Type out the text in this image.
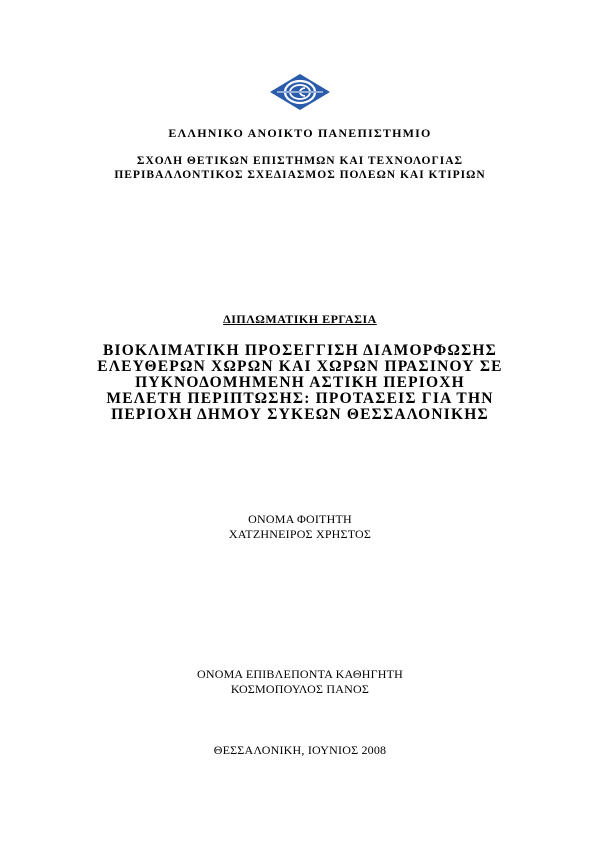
ΕΛΛΗΝΙΚΟ ΑΝΟΙΚΤΟ ΠΑΝΕΠΙΣΤΗΜΙΟ
ΣΧΟΛΗ ΘΕΤΙΚΩΝ ΕΠΙΣΤΗΜΩΝ ΚΑΙ ΤΕΧΝΟΛΟΓΙΑΣ
ΠΕΡΙΒΑΛΛΟΝΤΙΚΟΣ ΣΧΕΔΙΑΣΜΟΣ ΠΟΛΕΩΝ ΚΑΙ ΚΤΙΡΙΩΝ
ΔΙΠΛΩΜΑΤΙΚΗ ΕΡΓΑΣΙΑ
ΒΙΟΚΛΙΜΑΤΙΚΗ ΠΡΟΣΕΓΓΙΣΗ ΔΙΑΜΟΡΦΩΣΗΣ
ΕΛΕΥΘΕΡΩΝ ΧΩΡΩΝ ΚΑΙ ΧΩΡΩΝ ΠΡΑΣΙΝΟΥ ΣΕ
ΠΥΚΝΟΔΟΜΗΜΕΝΗ ΑΣΤΙΚΗ ΠΕΡΙΟΧΗ
ΜΕΛΕΤΗ ΠΕΡΙΠΤΩΣΗΣ: ΠΡΟΤΑΣΕΙΣ ΓΙΑ ΤΗΝ
ΠΕΡΙΟΧΗ ΔΗΜΟΥ ΣΥΚΕΩΝ ΘΕΣΣΑΛΟΝΙΚΗΣ
ΟΝΟΜΑ ΦΟΙΤΗΤΗ
ΧΑΤΖΗΝΕΙΡΟΣ ΧΡΗΣΤΟΣ
ΟΝΟΜΑ ΕΠΙΒΛΕΠΟΝΤΑ ΚΑΘΗΓΗΤΗ
ΚΟΣΜΟΠΟΥΛΟΣ ΠΑΝΟΣ
ΘΕΣΣΑΛΟΝΙΚΗ, ΙΟΥΝΙΟΣ 2008
